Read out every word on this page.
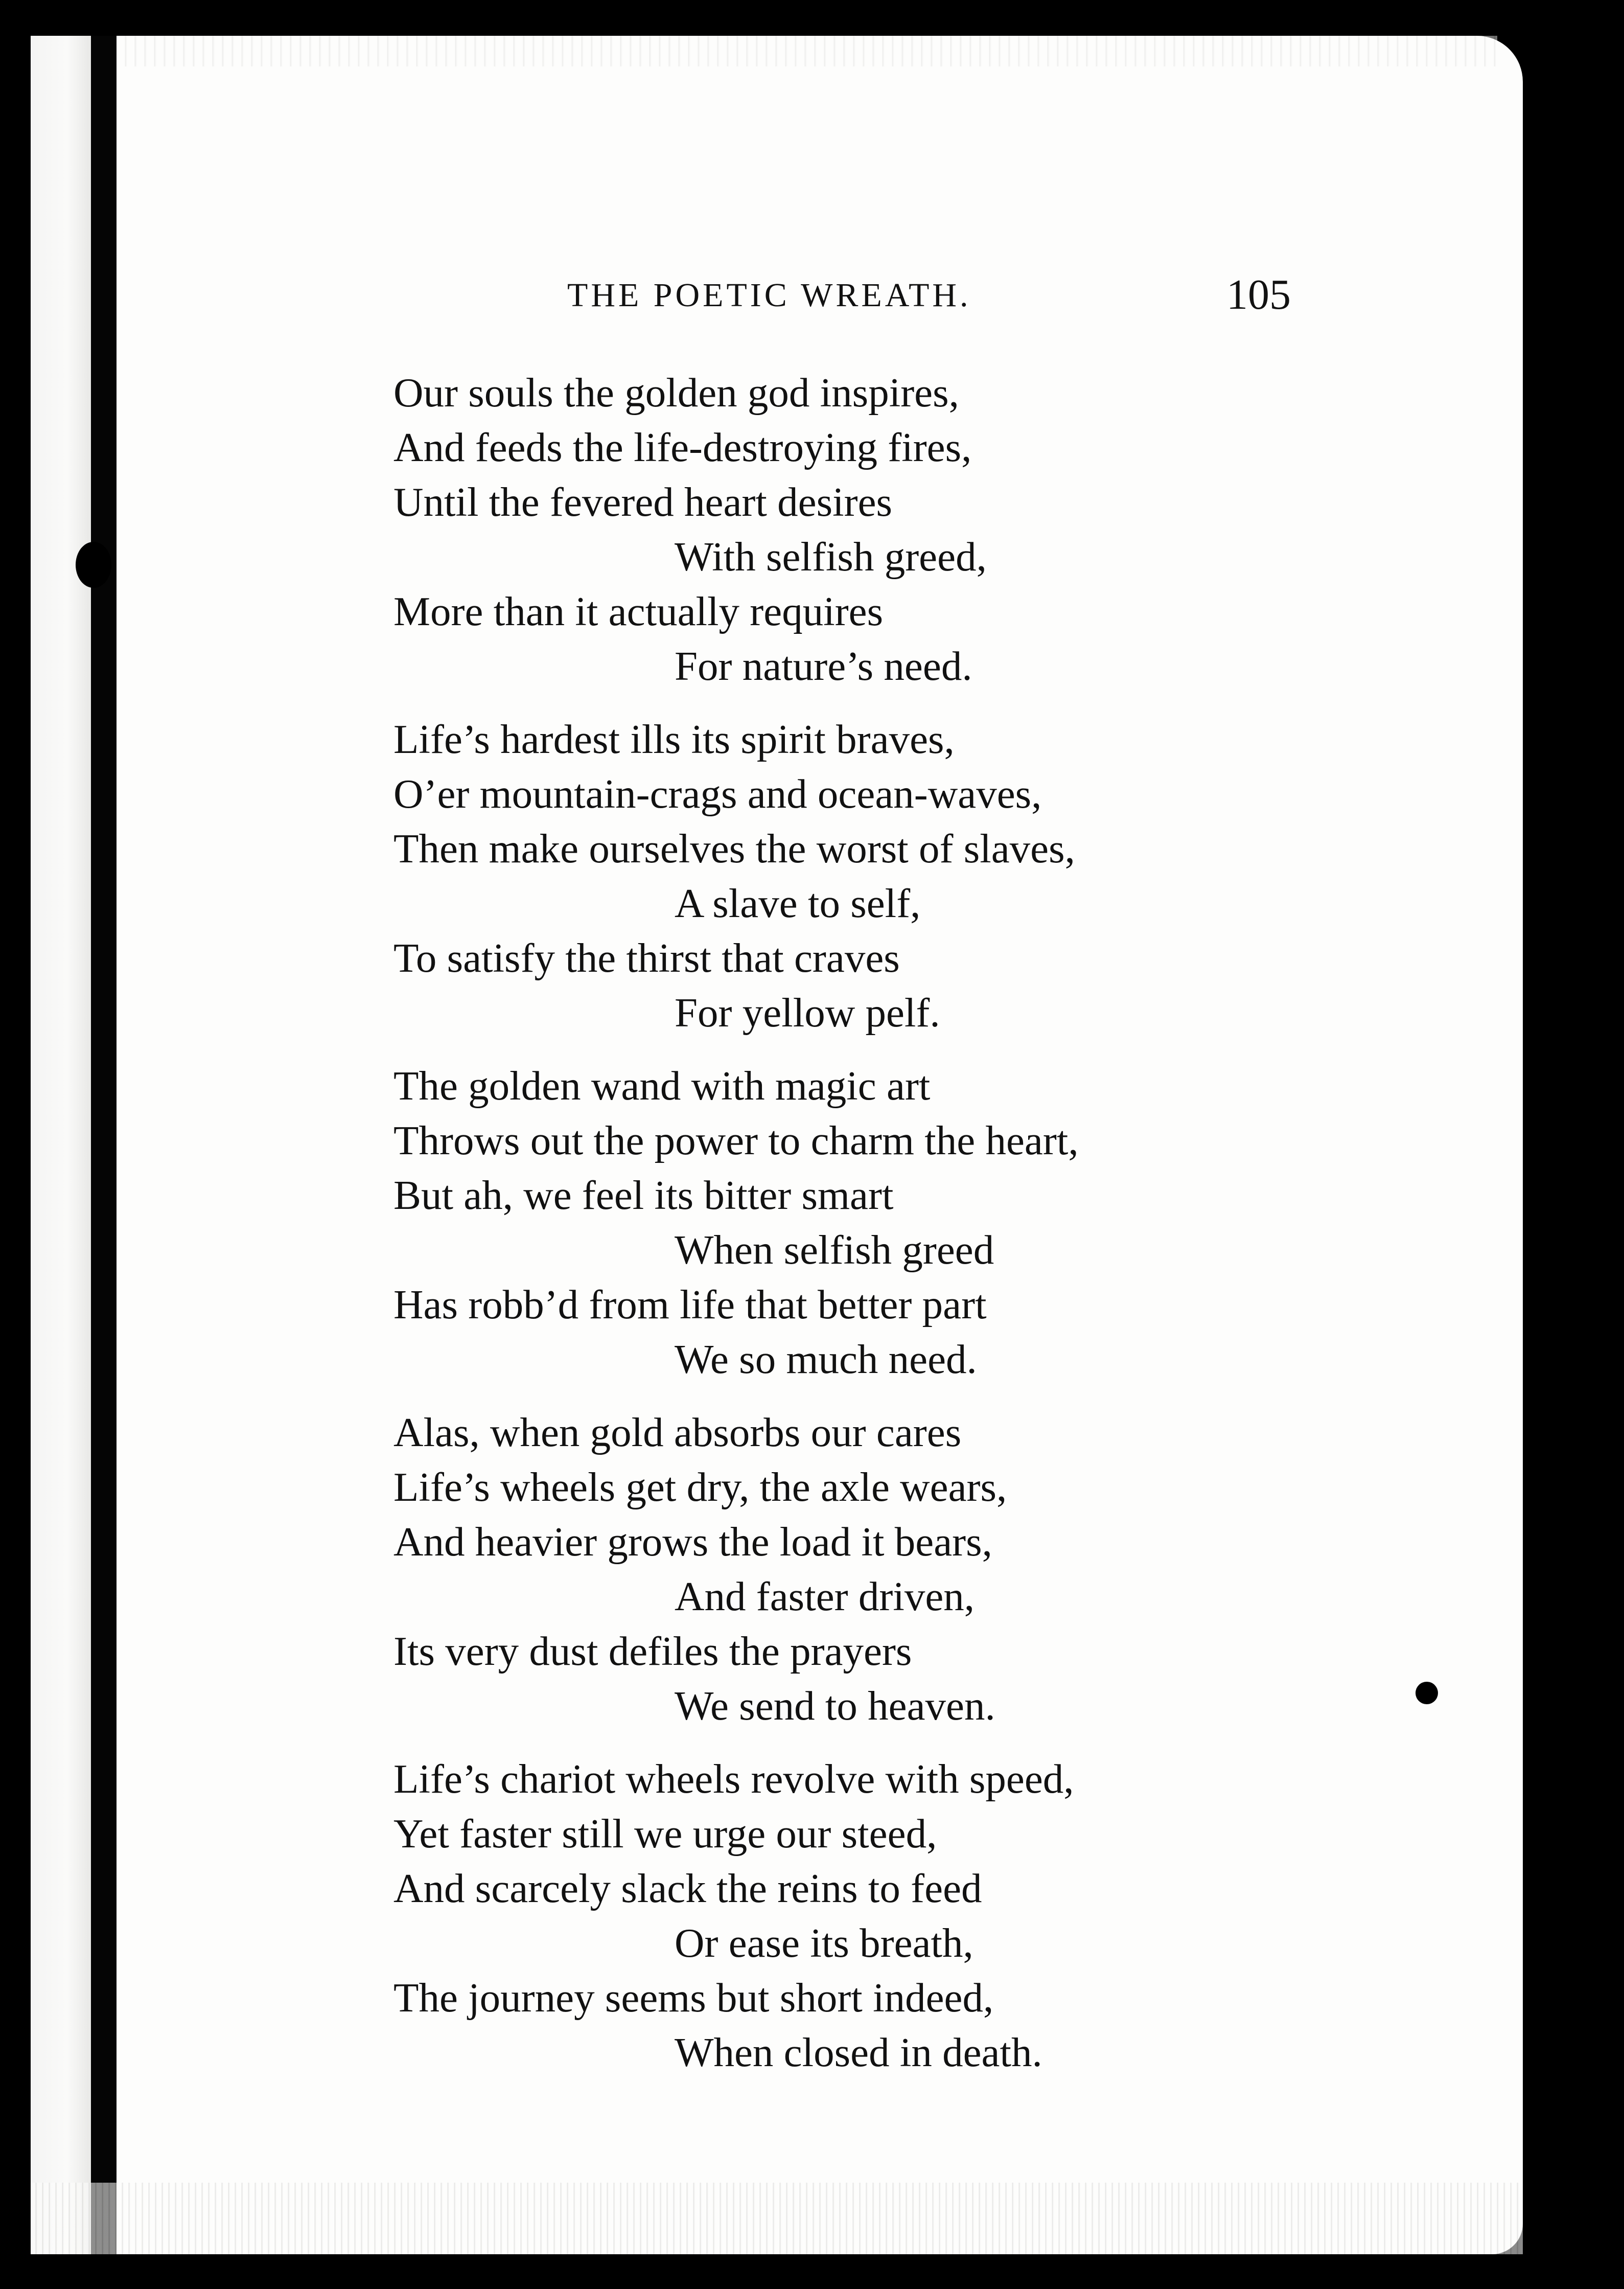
THE POETIC WREATH.	105
Our souls the golden god inspires,
And feeds the life-destroying fires,
Until the fevered heart desires
With selfish greed,
More than it actually requires
For nature’s need.
Life’s hardest ills its spirit braves,
O’er mountain-crags and ocean-waves,
Then make ourselves the worst of slaves,
A slave to self,
To satisfy the thirst that craves
For yellow pelf.
The golden wand with magic art
Throws out the power to charm the heart,
But ah, we feel its bitter smart
When selfish greed
Has robb’d from life that better part
We so much need.
Alas, when gold absorbs our cares
Life’s wheels get dry, the axle wears,
And heavier grows the load it bears,
And faster driven,
Its very dust defiles the prayers
We send to heaven.
Life’s chariot wheels revolve with speed,
Yet faster still we urge our steed,
And scarcely slack the reins to feed
Or ease its breath,
The journey seems but short indeed,
When closed in death.
